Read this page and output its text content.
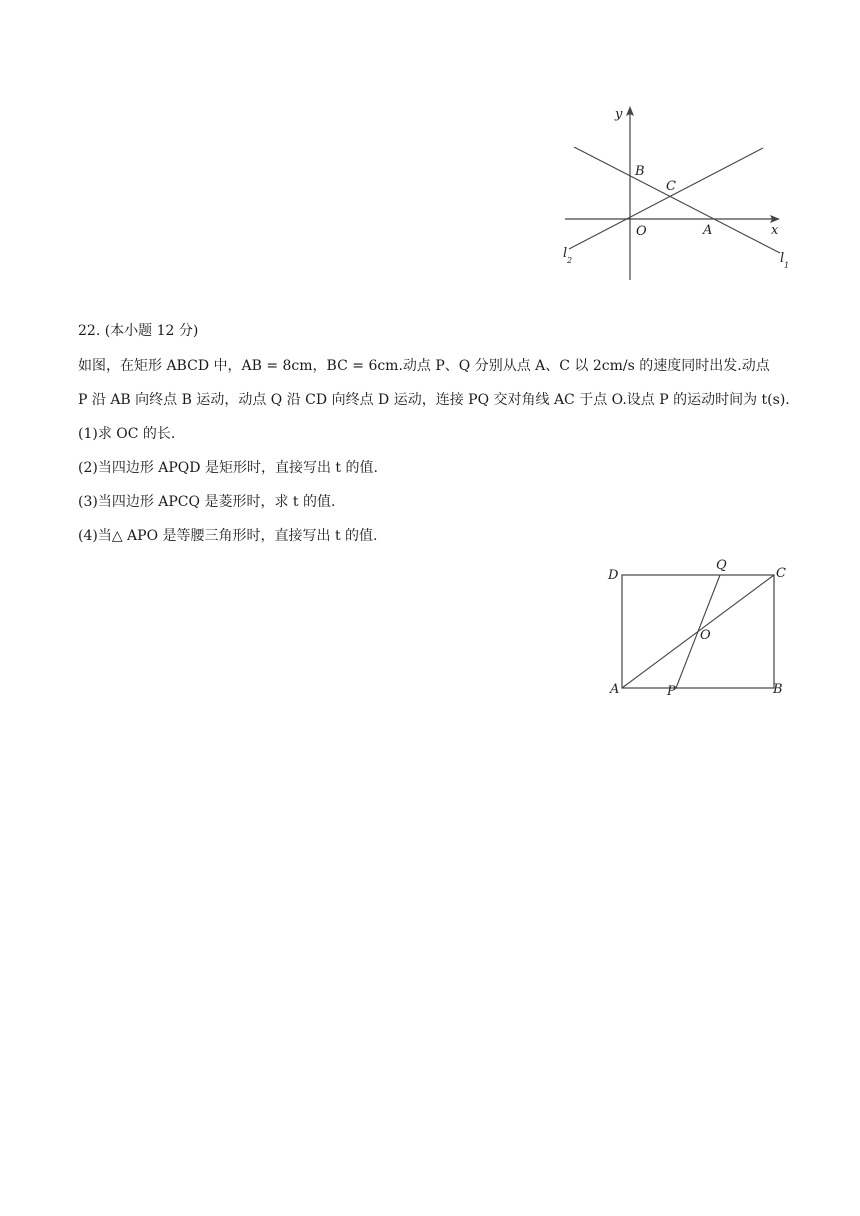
y
x
B
C
O	A
l 2	l 1
22. (本小题 12 分)
如图，在矩形 ABCD 中，AB = 8cm，BC = 6cm.动点 P、Q 分别从点 A、C 以 2cm/s 的速度同时出发.动点
P 沿 AB 向终点 B 运动，动点 Q 沿 CD 向终点 D 运动，连接 PQ 交对角线 AC 于点 O.设点 P 的运动时间为 t(s).
(1)求 OC 的长.
(2)当四边形 APQD 是矩形时，直接写出 t 的值.
(3)当四边形 APCQ 是菱形时，求 t 的值.
(4)当△ APO 是等腰三角形时，直接写出 t 的值.
D
Q
C
O
A	P	B
